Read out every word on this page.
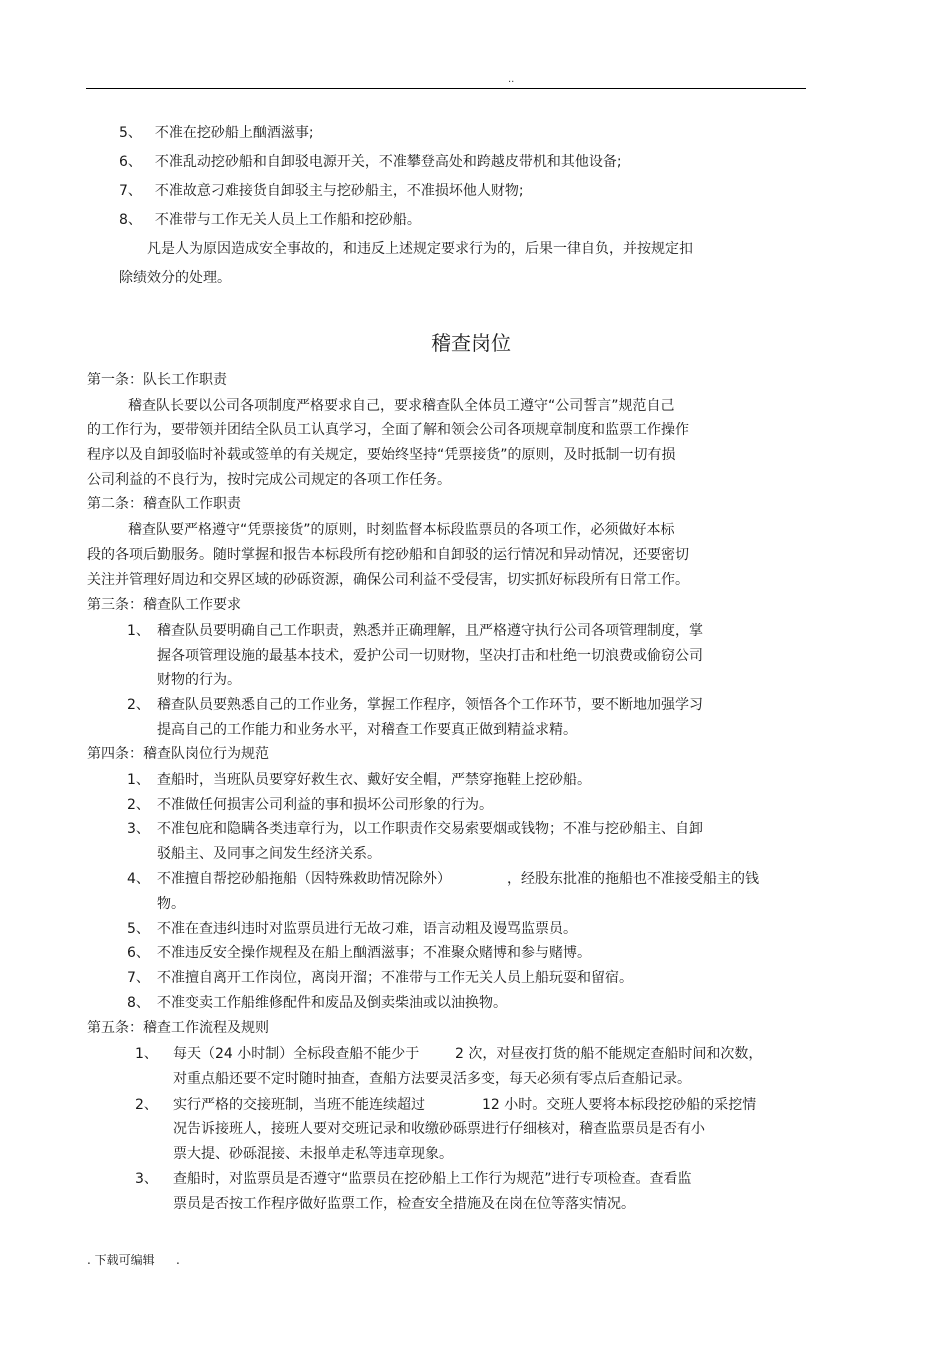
..
5、 不准在挖砂船上酗酒滋事;
6、 不准乱动挖砂船和自卸驳电源开关，不准攀登高处和跨越皮带机和其他设备;
7、 不准故意刁难接货自卸驳主与挖砂船主，不准损坏他人财物;
8、 不准带与工作无关人员上工作船和挖砂船。
凡是人为原因造成安全事故的，和违反上述规定要求行为的，后果一律自负，并按规定扣
除绩效分的处理。
稽查岗位
第一条：队长工作职责
稽查队长要以公司各项制度严格要求自己，要求稽查队全体员工遵守“公司誓言”规范自己
的工作行为，要带领并团结全队员工认真学习，全面了解和领会公司各项规章制度和监票工作操作
程序以及自卸驳临时补载或签单的有关规定，要始终坚持“凭票接货”的原则，及时抵制一切有损
公司利益的不良行为，按时完成公司规定的各项工作任务。
第二条：稽查队工作职责
稽查队要严格遵守“凭票接货”的原则，时刻监督本标段监票员的各项工作，必须做好本标
段的各项后勤服务。随时掌握和报告本标段所有挖砂船和自卸驳的运行情况和异动情况，还要密切
关注并管理好周边和交界区域的砂砾资源，确保公司利益不受侵害，切实抓好标段所有日常工作。
第三条：稽查队工作要求
1、 稽查队员要明确自己工作职责，熟悉并正确理解，且严格遵守执行公司各项管理制度，掌
握各项管理设施的最基本技术，爱护公司一切财物，坚决打击和杜绝一切浪费或偷窃公司
财物的行为。
2、 稽查队员要熟悉自己的工作业务，掌握工作程序，领悟各个工作环节，要不断地加强学习
提高自己的工作能力和业务水平，对稽查工作要真正做到精益求精。
第四条：稽查队岗位行为规范
1、 查船时，当班队员要穿好救生衣、戴好安全帽，严禁穿拖鞋上挖砂船。
2、 不准做任何损害公司利益的事和损坏公司形象的行为。
3、 不准包庇和隐瞒各类违章行为，以工作职责作交易索要烟或钱物；不准与挖砂船主、自卸
驳船主、及同事之间发生经济关系。
4、 不准擅自帮挖砂船拖船（因特殊救助情况除外）	，经股东批准的拖船也不准接受船主的钱
物。
5、 不准在查违纠违时对监票员进行无故刁难，语言动粗及谩骂监票员。
6、 不准违反安全操作规程及在船上酗酒滋事；不准聚众赌博和参与赌博。
7、 不准擅自离开工作岗位，离岗开溜；不准带与工作无关人员上船玩耍和留宿。
8、 不准变卖工作船维修配件和废品及倒卖柴油或以油换物。
第五条：稽查工作流程及规则
1、 每天（24 小时制）全标段查船不能少于	2 次，对昼夜打货的船不能规定查船时间和次数，
对重点船还要不定时随时抽查，查船方法要灵活多变，每天必须有零点后查船记录。
2、 实行严格的交接班制，当班不能连续超过	12 小时。交班人要将本标段挖砂船的采挖情
况告诉接班人，接班人要对交班记录和收缴砂砾票进行仔细核对，稽查监票员是否有小
票大提、砂砾混接、未报单走私等违章现象。
3、 查船时，对监票员是否遵守“监票员在挖砂船上工作行为规范”进行专项检查。查看监
票员是否按工作程序做好监票工作，检查安全措施及在岗在位等落实情况。
. 下载可编辑 .
